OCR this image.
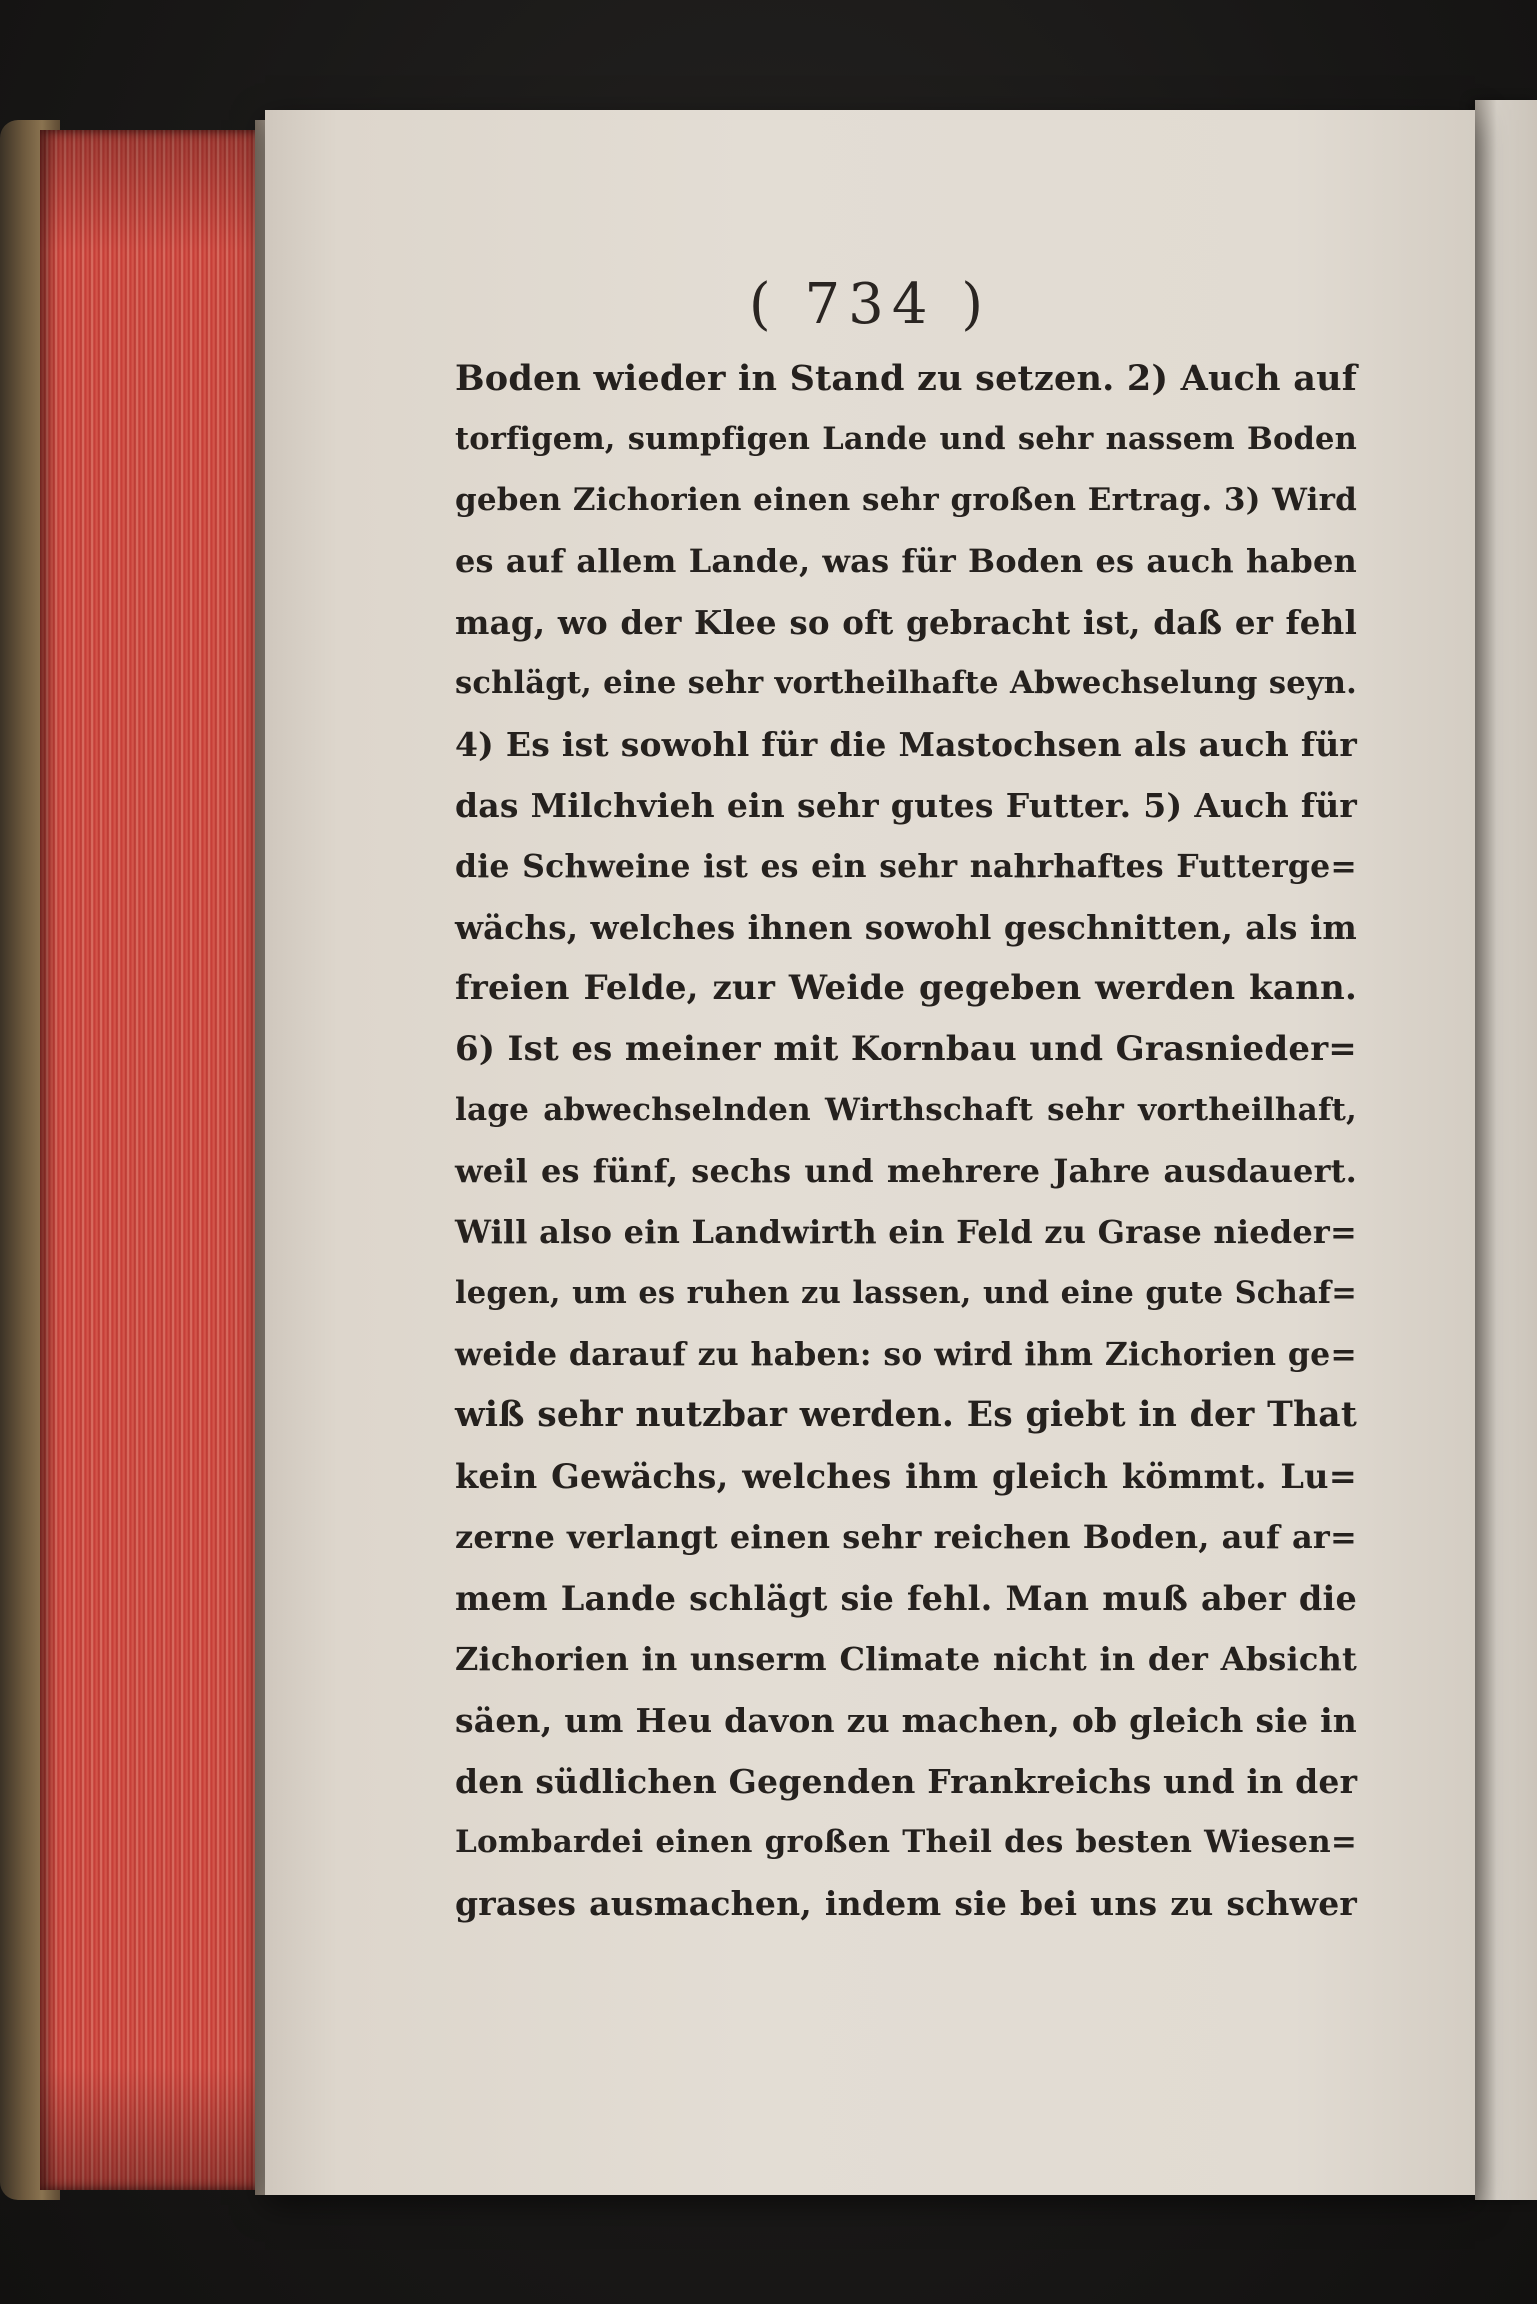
( 734 )
Boden wieder in Stand zu setzen. 2) Auch auf
torfigem, sumpfigen Lande und sehr nassem Boden
geben Zichorien einen sehr großen Ertrag. 3) Wird
es auf allem Lande, was für Boden es auch haben
mag, wo der Klee so oft gebracht ist, daß er fehl
schlägt, eine sehr vortheilhafte Abwechselung seyn.
4) Es ist sowohl für die Mastochsen als auch für
das Milchvieh ein sehr gutes Futter. 5) Auch für
die Schweine ist es ein sehr nahrhaftes Futterge=
wächs, welches ihnen sowohl geschnitten, als im
freien Felde, zur Weide gegeben werden kann.
6) Ist es meiner mit Kornbau und Grasnieder=
lage abwechselnden Wirthschaft sehr vortheilhaft,
weil es fünf, sechs und mehrere Jahre ausdauert.
Will also ein Landwirth ein Feld zu Grase nieder=
legen, um es ruhen zu lassen, und eine gute Schaf=
weide darauf zu haben: so wird ihm Zichorien ge=
wiß sehr nutzbar werden. Es giebt in der That
kein Gewächs, welches ihm gleich kömmt. Lu=
zerne verlangt einen sehr reichen Boden, auf ar=
mem Lande schlägt sie fehl. Man muß aber die
Zichorien in unserm Climate nicht in der Absicht
säen, um Heu davon zu machen, ob gleich sie in
den südlichen Gegenden Frankreichs und in der
Lombardei einen großen Theil des besten Wiesen=
grases ausmachen, indem sie bei uns zu schwer
